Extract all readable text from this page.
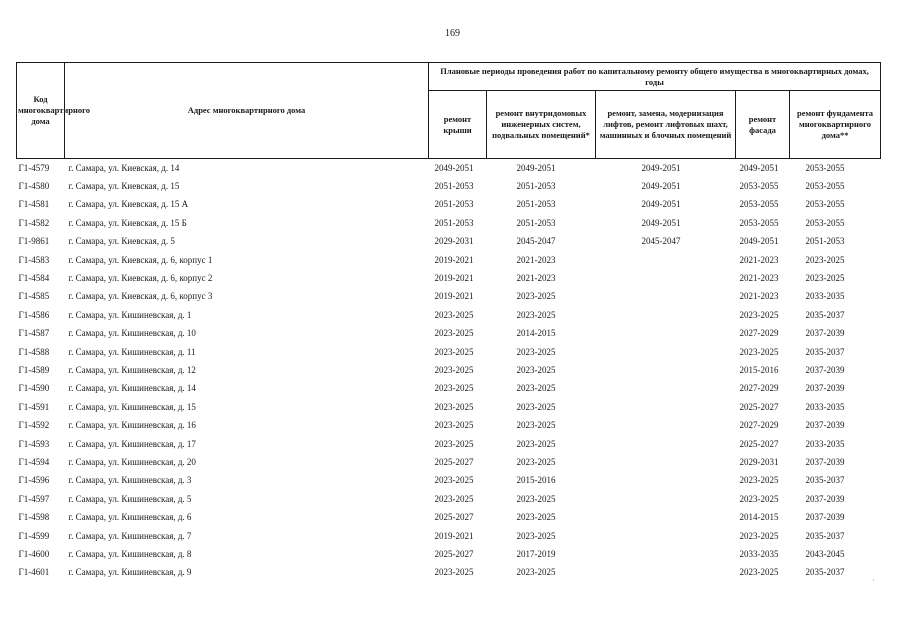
169
Код многоквартирного дома	Адрес многоквартирного дома	Плановые периоды проведения работ по капитальному ремонту общего имущества в многоквартирных домах, годы				
		ремонт крыши	ремонт внутридомовых инженерных систем, подвальных помещений*	ремонт, замена, модернизация лифтов, ремонт лифтовых шахт, машинных и блочных помещений	ремонт фасада	ремонт фундамента многоквартирного дома**
Г1-4579	г. Самара, ул. Киевская, д. 14	2049-2051	2049-2051	2049-2051	2049-2051	2053-2055
Г1-4580	г. Самара, ул. Киевская, д. 15	2051-2053	2051-2053	2049-2051	2053-2055	2053-2055
Г1-4581	г. Самара, ул. Киевская, д. 15 А	2051-2053	2051-2053	2049-2051	2053-2055	2053-2055
Г1-4582	г. Самара, ул. Киевская, д. 15 Б	2051-2053	2051-2053	2049-2051	2053-2055	2053-2055
Г1-9861	г. Самара, ул. Киевская, д. 5	2029-2031	2045-2047	2045-2047	2049-2051	2051-2053
Г1-4583	г. Самара, ул. Киевская, д. 6, корпус 1	2019-2021	2021-2023		2021-2023	2023-2025
Г1-4584	г. Самара, ул. Киевская, д. 6, корпус 2	2019-2021	2021-2023		2021-2023	2023-2025
Г1-4585	г. Самара, ул. Киевская, д. 6, корпус 3	2019-2021	2023-2025		2021-2023	2033-2035
Г1-4586	г. Самара, ул. Кишиневская, д. 1	2023-2025	2023-2025		2023-2025	2035-2037
Г1-4587	г. Самара, ул. Кишиневская, д. 10	2023-2025	2014-2015		2027-2029	2037-2039
Г1-4588	г. Самара, ул. Кишиневская, д. 11	2023-2025	2023-2025		2023-2025	2035-2037
Г1-4589	г. Самара, ул. Кишиневская, д. 12	2023-2025	2023-2025		2015-2016	2037-2039
Г1-4590	г. Самара, ул. Кишиневская, д. 14	2023-2025	2023-2025		2027-2029	2037-2039
Г1-4591	г. Самара, ул. Кишиневская, д. 15	2023-2025	2023-2025		2025-2027	2033-2035
Г1-4592	г. Самара, ул. Кишиневская, д. 16	2023-2025	2023-2025		2027-2029	2037-2039
Г1-4593	г. Самара, ул. Кишиневская, д. 17	2023-2025	2023-2025		2025-2027	2033-2035
Г1-4594	г. Самара, ул. Кишиневская, д. 20	2025-2027	2023-2025		2029-2031	2037-2039
Г1-4596	г. Самара, ул. Кишиневская, д. 3	2023-2025	2015-2016		2023-2025	2035-2037
Г1-4597	г. Самара, ул. Кишиневская, д. 5	2023-2025	2023-2025		2023-2025	2037-2039
Г1-4598	г. Самара, ул. Кишиневская, д. 6	2025-2027	2023-2025		2014-2015	2037-2039
Г1-4599	г. Самара, ул. Кишиневская, д. 7	2019-2021	2023-2025		2023-2025	2035-2037
Г1-4600	г. Самара, ул. Кишиневская, д. 8	2025-2027	2017-2019		2033-2035	2043-2045
Г1-4601	г. Самара, ул. Кишиневская, д. 9	2023-2025	2023-2025		2023-2025	2035-2037
·
